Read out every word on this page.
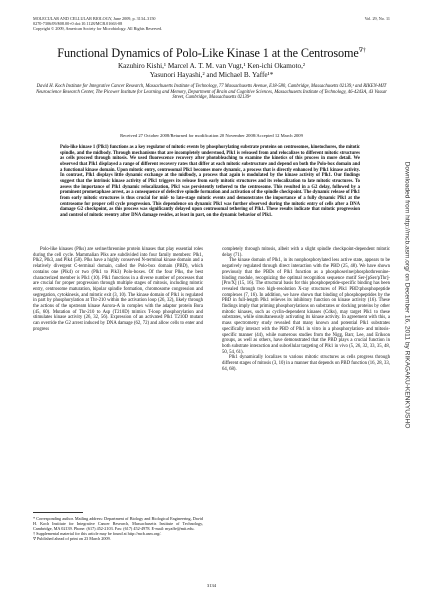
MOLECULAR AND CELLULAR BIOLOGY, June 2009, p. 3134–3150
0270-7306/09/$08.00+0 doi:10.1128/MCB.01663-08
Copyright © 2009, American Society for Microbiology. All Rights Reserved.
Vol. 29, No. 11
Functional Dynamics of Polo-Like Kinase 1 at the Centrosome∇†
Kazuhiro Kishi,¹ Marcel A. T. M. van Vugt,¹ Ken-ichi Okamoto,²
Yasunori Hayashi,² and Michael B. Yaffe¹*
David H. Koch Institute for Integrative Cancer Research, Massachusetts Institute of Technology, 77 Massachusetts Avenue, E18-580, Cambridge, Massachusetts 02139,¹ and RIKEN-MIT Neuroscience Research Center, The Picower Institute for Learning and Memory, Department of Brain and Cognitive Sciences, Massachusetts Institute of Technology, 46-4243A, 43 Vassar Street, Cambridge, Massachusetts 02139²
Received 27 October 2008/Returned for modification 20 November 2008/Accepted 12 March 2009
Polo-like kinase 1 (Plk1) functions as a key regulator of mitotic events by phosphorylating substrate proteins on centrosomes, kinetochores, the mitotic spindle, and the midbody. Through mechanisms that are incompletely understood, Plk1 is released from and relocalizes to different mitotic structures as cells proceed through mitosis. We used fluorescence recovery after photobleaching to examine the kinetics of this process in more detail. We observed that Plk1 displayed a range of different recovery rates that differ at each mitotic substructure and depend on both the Polo-box domain and a functional kinase domain. Upon mitotic entry, centrosomal Plk1 becomes more dynamic, a process that is directly enhanced by Plk1 kinase activity. In contrast, Plk1 displays little dynamic exchange at the midbody, a process that again is modulated by the kinase activity of Plk1. Our findings suggest that the intrinsic kinase activity of Plk1 triggers its release from early mitotic structures and its relocalization to late mitotic structures. To assess the importance of Plk1 dynamic relocalization, Plk1 was persistently tethered to the centrosome. This resulted in a G2 delay, followed by a prominent prometaphase arrest, as a consequence of defective spindle formation and activation of the spindle checkpoint. The dynamic release of Plk1 from early mitotic structures is thus crucial for mid- to late-stage mitotic events and demonstrates the importance of a fully dynamic Plk1 at the centrosome for proper cell cycle progression. This dependence on dynamic Plk1 was further observed during the mitotic entry of cells after a DNA damage G2 checkpoint, as this process was significantly delayed upon centrosomal tethering of Plk1. These results indicate that mitotic progression and control of mitotic reentry after DNA damage resides, at least in part, on the dynamic behavior of Plk1.

Polo-like kinases (Plks) are serine/threonine protein kinases that play essential roles during the cell cycle. Mammalian Plks are subdivided into four family members: Plk1, Plk2, Plk3, and Plk4 (58). Plks have a highly conserved N-terminal kinase domain and a relatively divergent C-terminal domain, called the Polo-box domain (PBD), which contains one (Plk4) or two (Plk1 to Plk3) Polo-boxes. Of the four Plks, the best characterized member is Plk1 (10). Plk1 functions in a diverse number of processes that are crucial for proper progression through multiple stages of mitosis, including mitotic entry, centrosome maturation, bipolar spindle formation, chromosome congression and segregation, cytokinesis, and mitotic exit (3, 10). The kinase domain of Plk1 is regulated in part by phosphorylation at Thr-210 within the activation loop (26, 32), likely through the actions of the upstream kinase Aurora-A in complex with the adaptor protein Bora (45, 60). Mutation of Thr-210 to Asp (T210D) mimics T-loop phosphorylation and stimulates kinase activity (26, 32, 56). Expression of an activated Plk1 T210D mutant can override the G2 arrest induced by DNA damage (62, 72) and allow cells to enter and progress

completely through mitosis, albeit with a slight spindle checkpoint-dependent mitotic delay (71).

The kinase domain of Plk1, in its nonphosphorylated less active state, appears to be negatively regulated through direct interaction with the PBD (25, 48). We have shown previously that the PBDs of Plk1 function as a phosphoserine/phosphothreonine-binding module, recognizing the optimal recognition sequence motif Ser-[pSer/pThr]-[Pro/X] (15, 16). The structural basis for this phosphopeptide-specific binding has been revealed through two high-resolution X-ray structures of Plk1 PBD:phosphopeptide complexes (7, 16). In addition, we have shown that binding of phosphopeptides by the PBD in full-length Plk1 relieves its inhibitory function on kinase activity (16). These findings imply that priming phosphorylations on substrates or docking proteins by other mitotic kinases, such as cyclin-dependent kinases (Cdks), may target Plk1 to these substrates, while simultaneously activating its kinase activity. In agreement with this, a mass spectrometry study revealed that many known and potential Plk1 substrates specifically interact with the PBD of Plk1 in vitro in a phosphorylation- and mitosis-specific manner (44), while numerous studies from the Nigg, Barr, Lee, and Erikson groups, as well as others, have demonstrated that the PBD plays a crucial function in both substrate interaction and subcellular targeting of Plk1 in vivo (5, 26, 32, 33, 35, 48, 50, 54, 61).

Plk1 dynamically localizes to various mitotic structures as cells progress through different stages of mitosis (3, 10) in a manner that depends on PBD function (16, 28, 33, 64, 68).

* Corresponding author. Mailing address: Department of Biology and Biological Engineering, David H. Koch Institute for Integrative Cancer Research, Massachusetts Institute of Technology, Cambridge, MA 02139. Phone: (617) 452-2103. Fax: (617) 452-4978. E-mail: myaffe@mit.edu.
† Supplemental material for this article may be found at http://mcb.asm.org/.
∇ Published ahead of print on 23 March 2009.
3134
Downloaded from http://mcb.asm.org/ on December 16, 2011 by RIKAGAKU-KENKYUSHO
